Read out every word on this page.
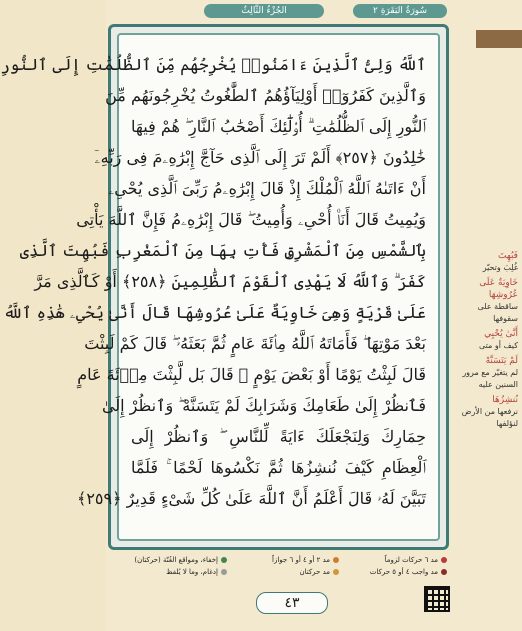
الجُزْءُ الثَّالِثُ	سُورَةُ البَقَرَةِ ٢
ٱللَّهُ وَلِىُّ ٱلَّذِينَ ءَامَنُوا۟ يُخْرِجُهُم مِّنَ ٱلظُّلُمَٰتِ إِلَى ٱلنُّورِ
وَٱلَّذِينَ كَفَرُوٓا۟ أَوْلِيَآؤُهُمُ ٱلطَّٰغُوتُ يُخْرِجُونَهُم مِّنَ
ٱلنُّورِ إِلَى ٱلظُّلُمَٰتِ ۗ أُو۟لَٰٓئِكَ أَصْحَٰبُ ٱلنَّارِ ۖ هُمْ فِيهَا
خَٰلِدُونَ ﴿٢٥٧﴾ أَلَمْ تَرَ إِلَى ٱلَّذِى حَآجَّ إِبْرَٰهِۦمَ فِى رَبِّهِۦٓ
أَنْ ءَاتَىٰهُ ٱللَّهُ ٱلْمُلْكَ إِذْ قَالَ إِبْرَٰهِۦمُ رَبِّىَ ٱلَّذِى يُحْىِۦ
وَيُمِيتُ قَالَ أَنَا۠ أُحْىِۦ وَأُمِيتُ ۖ قَالَ إِبْرَٰهِۦمُ فَإِنَّ ٱللَّهَ يَأْتِى
بِٱلشَّمْسِ مِنَ ٱلْمَشْرِقِ فَأْتِ بِهَا مِنَ ٱلْمَغْرِبِ فَبُهِتَ ٱلَّذِى
كَفَرَ ۗ وَٱللَّهُ لَا يَهْدِى ٱلْقَوْمَ ٱلظَّٰلِمِينَ ﴿٢٥٨﴾ أَوْ كَٱلَّذِى مَرَّ
عَلَىٰ قَرْيَةٍ وَهِىَ خَاوِيَةٌ عَلَىٰ عُرُوشِهَا قَالَ أَنَّىٰ يُحْىِۦ هَٰذِهِ ٱللَّهُ
بَعْدَ مَوْتِهَا ۖ فَأَمَاتَهُ ٱللَّهُ مِا۟ئَةَ عَامٍ ثُمَّ بَعَثَهُۥ ۖ قَالَ كَمْ لَبِثْتَ
قَالَ لَبِثْتُ يَوْمًا أَوْ بَعْضَ يَوْمٍ ۖ قَالَ بَل لَّبِثْتَ مِا۟ئَةَ عَامٍ
فَٱنظُرْ إِلَىٰ طَعَامِكَ وَشَرَابِكَ لَمْ يَتَسَنَّهْ ۖ وَٱنظُرْ إِلَىٰ
حِمَارِكَ وَلِنَجْعَلَكَ ءَايَةً لِّلنَّاسِ ۖ وَٱنظُرْ إِلَى
ٱلْعِظَامِ كَيْفَ نُنشِزُهَا ثُمَّ نَكْسُوهَا لَحْمًا ۚ فَلَمَّا
تَبَيَّنَ لَهُۥ قَالَ أَعْلَمُ أَنَّ ٱللَّهَ عَلَىٰ كُلِّ شَىْءٍ قَدِيرٌ ﴿٢٥٩﴾
فَبُهِتَ
غُلِبَ وتحيّر
خَاوِيَةٌ عَلَى عُرُوشِهَا
ساقطة على سقوفها
أَنَّىٰ يُحْيِي
كيف أو متى
لَمْ يَتَسَنَّهْ
لم يتغيّر مع مرور السنين عليه
نُنشِزُهَا
نرفعها من الأرض لنؤلفها
مد ٦ حركات لزوماً
مد ٢ أو ٤ أو ٦ جوازاً
إخفاء، ومواقع الغُنّة (حركتان)
مد واجب ٤ أو ٥ حركات
مد حركتان
إدغام، وما لا يُلفظ
٤٣
